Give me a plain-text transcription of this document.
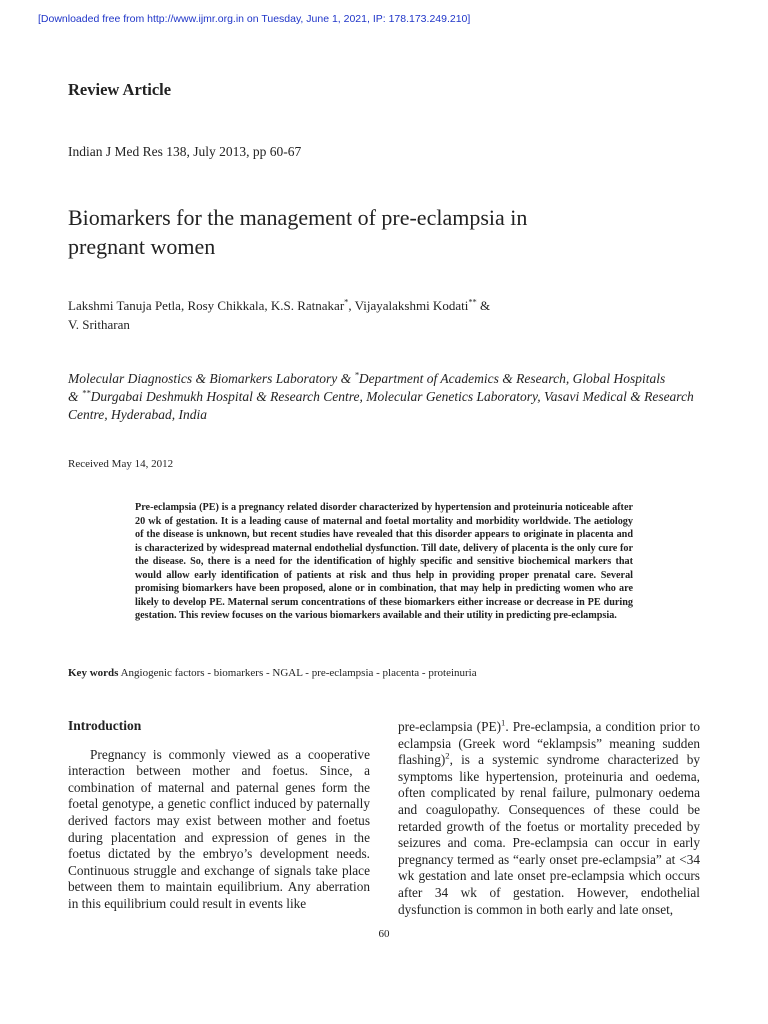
[Downloaded free from http://www.ijmr.org.in on Tuesday, June 1, 2021, IP: 178.173.249.210]
Review Article
Indian J Med Res 138, July 2013, pp 60-67
Biomarkers for the management of pre-eclampsia in
pregnant women
Lakshmi Tanuja Petla, Rosy Chikkala, K.S. Ratnakar*, Vijayalakshmi Kodati** &
V. Sritharan
Molecular Diagnostics & Biomarkers Laboratory & *Department of Academics & Research, Global Hospitals
& **Durgabai Deshmukh Hospital & Research Centre, Molecular Genetics Laboratory, Vasavi Medical & Research Centre, Hyderabad, India
Received May 14, 2012
Pre-eclampsia (PE) is a pregnancy related disorder characterized by hypertension and proteinuria noticeable after 20 wk of gestation. It is a leading cause of maternal and foetal mortality and morbidity worldwide. The aetiology of the disease is unknown, but recent studies have revealed that this disorder appears to originate in placenta and is characterized by widespread maternal endothelial dysfunction. Till date, delivery of placenta is the only cure for the disease. So, there is a need for the identification of highly specific and sensitive biochemical markers that would allow early identification of patients at risk and thus help in providing proper prenatal care. Several promising biomarkers have been proposed, alone or in combination, that may help in predicting women who are likely to develop PE. Maternal serum concentrations of these biomarkers either increase or decrease in PE during gestation. This review focuses on the various biomarkers available and their utility in predicting pre-eclampsia.
Key words Angiogenic factors - biomarkers - NGAL - pre-eclampsia - placenta - proteinuria
Introduction

Pregnancy is commonly viewed as a cooperative interaction between mother and foetus. Since, a combination of maternal and paternal genes form the foetal genotype, a genetic conflict induced by paternally derived factors may exist between mother and foetus during placentation and expression of genes in the foetus dictated by the embryo’s development needs. Continuous struggle and exchange of signals take place between them to maintain equilibrium. Any aberration in this equilibrium could result in events like

pre-eclampsia (PE)$^1$. Pre-eclampsia, a condition prior to eclampsia (Greek word “eklampsis” meaning sudden flashing)$^2$, is a systemic syndrome characterized by symptoms like hypertension, proteinuria and oedema, often complicated by renal failure, pulmonary oedema and coagulopathy. Consequences of these could be retarded growth of the foetus or mortality preceded by seizures and coma. Pre-eclampsia can occur in early pregnancy termed as “early onset pre-eclampsia” at <34 wk gestation and late onset pre-eclampsia which occurs after 34 wk of gestation. However, endothelial dysfunction is common in both early and late onset,

60
